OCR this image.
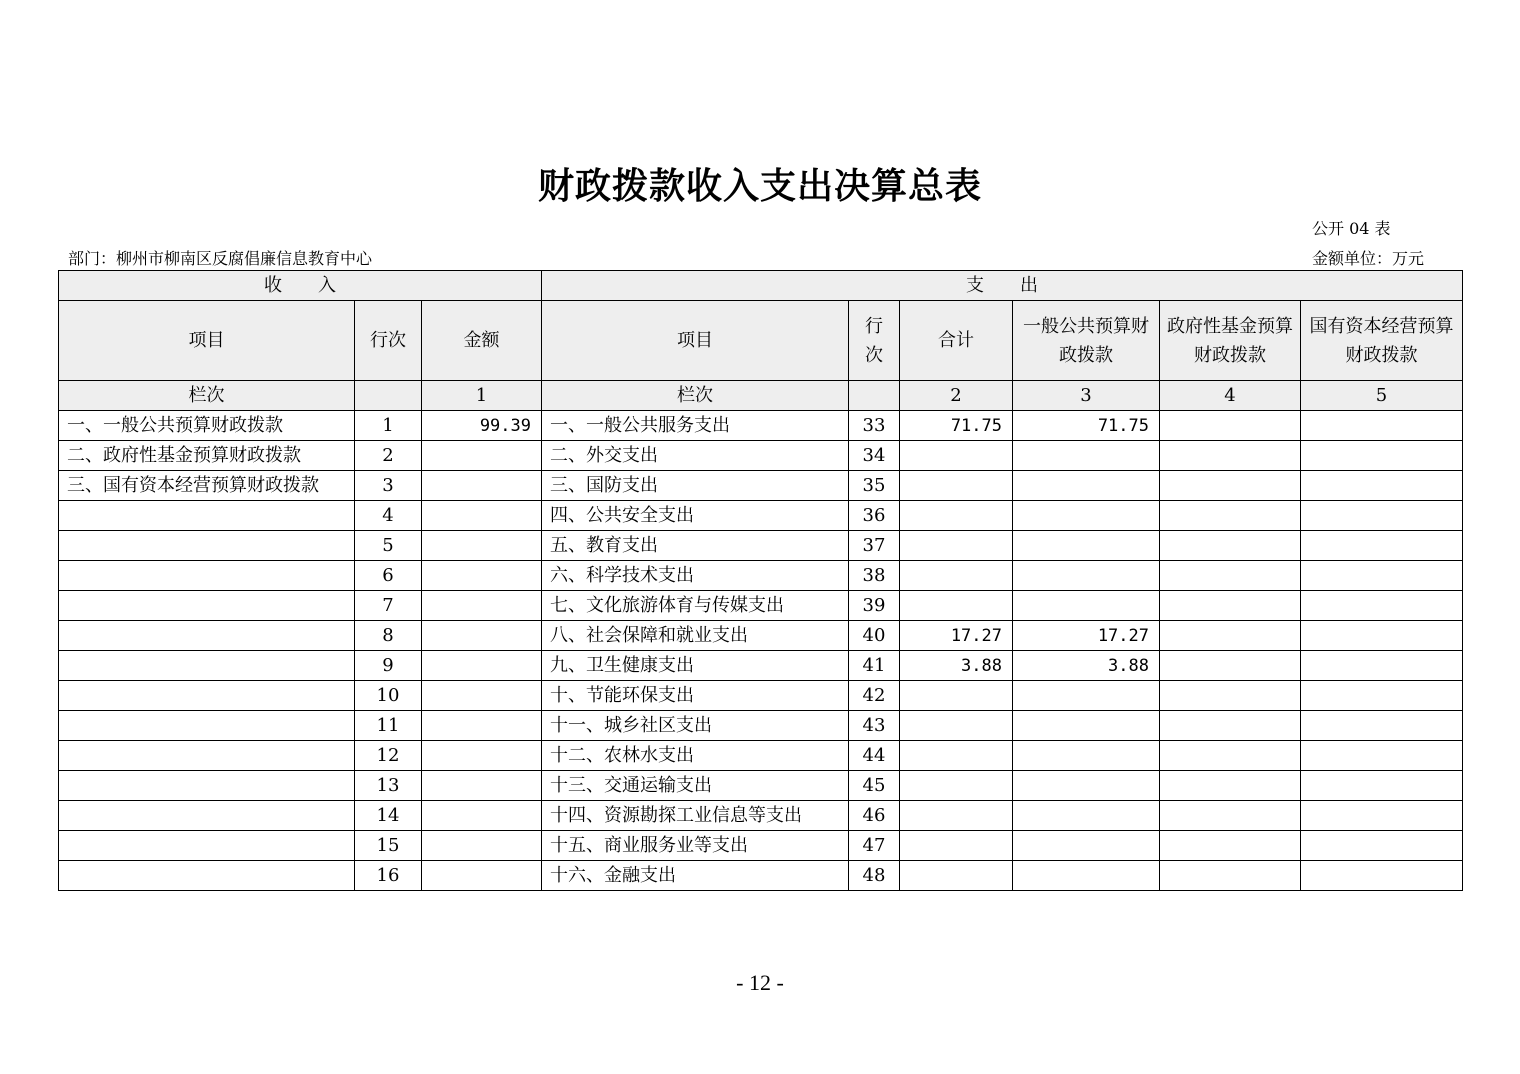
财政拨款收入支出决算总表
公开 04 表
部门：柳州市柳南区反腐倡廉信息教育中心	金额单位：万元
收　　入			支　　出					
项目	行次	金额	项目	行次	合计	一般公共预算财政拨款	政府性基金预算财政拨款	国有资本经营预算财政拨款
栏次		1	栏次		2	3	4	5
一、一般公共预算财政拨款	1	99.39	一、一般公共服务支出	33	71.75	71.75		
二、政府性基金预算财政拨款	2		二、外交支出	34				
三、国有资本经营预算财政拨款	3		三、国防支出	35				
	4		四、公共安全支出	36				
	5		五、教育支出	37				
	6		六、科学技术支出	38				
	7		七、文化旅游体育与传媒支出	39				
	8		八、社会保障和就业支出	40	17.27	17.27		
	9		九、卫生健康支出	41	3.88	3.88		
	10		十、节能环保支出	42				
	11		十一、城乡社区支出	43				
	12		十二、农林水支出	44				
	13		十三、交通运输支出	45				
	14		十四、资源勘探工业信息等支出	46				
	15		十五、商业服务业等支出	47				
	16		十六、金融支出	48				
- 12 -
